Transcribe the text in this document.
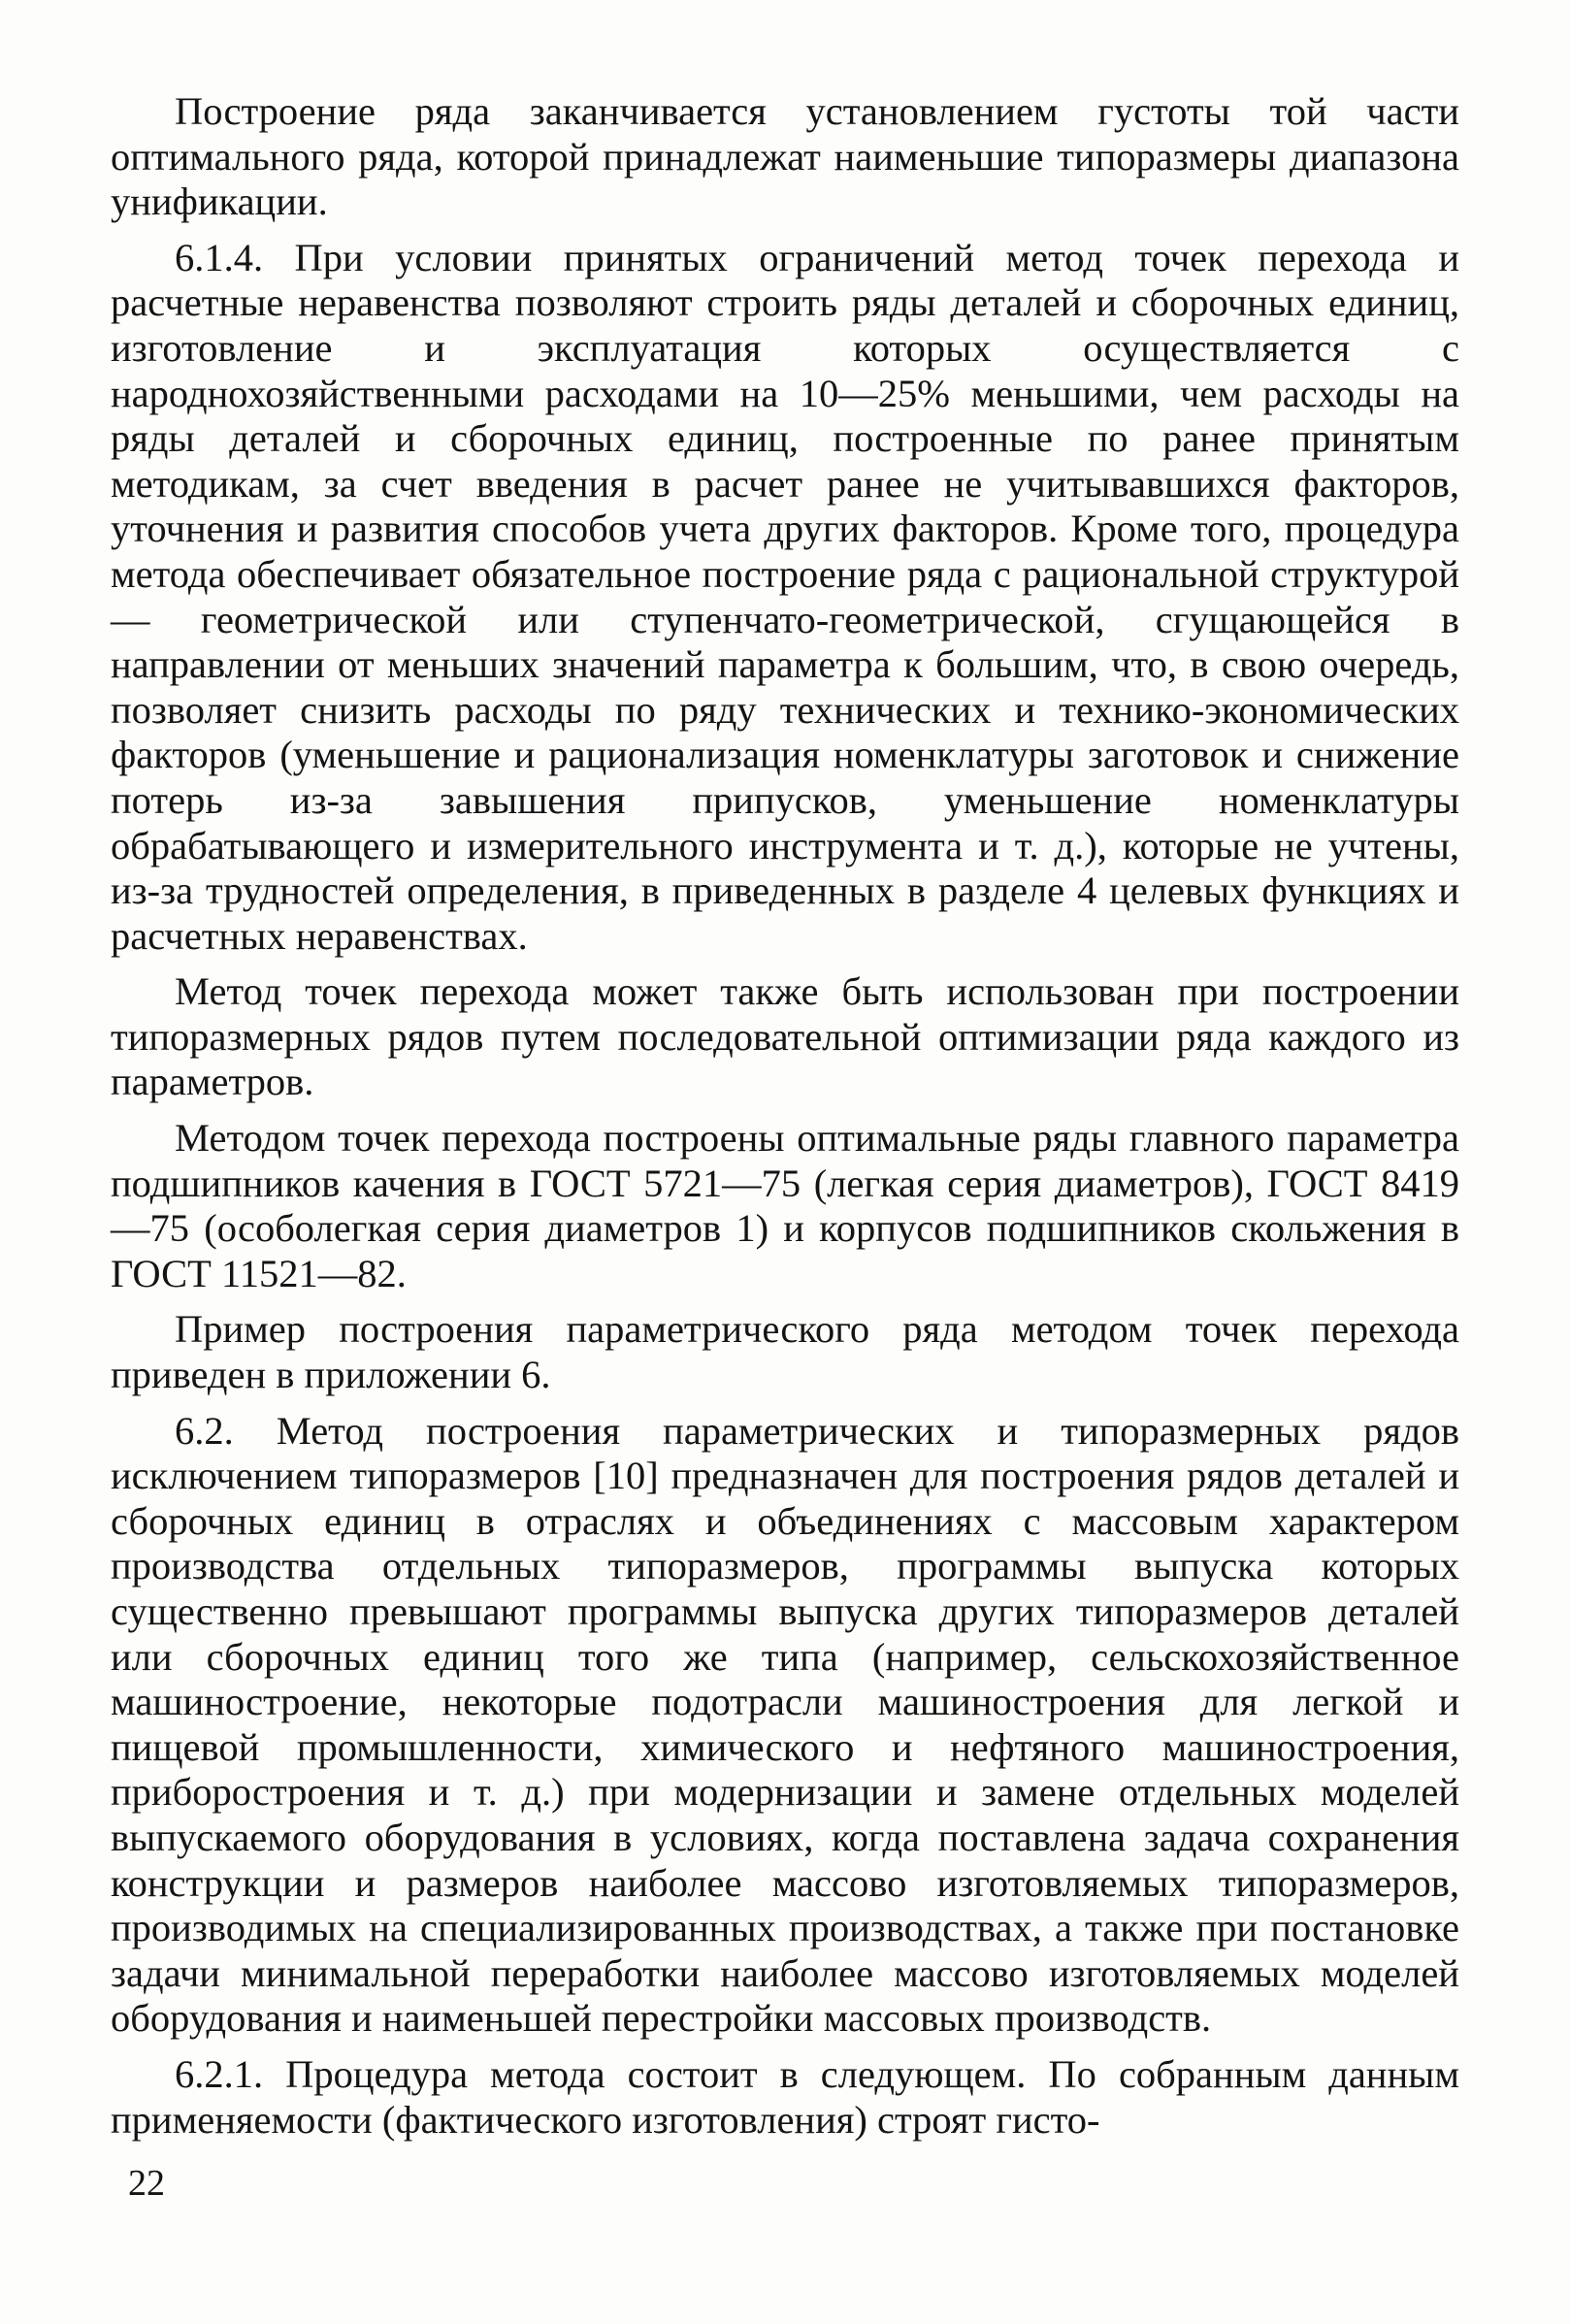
Построение ряда заканчивается установлением густоты той части оптимального ряда, которой принадлежат наименьшие типоразмеры диапазона унификации.

6.1.4. При условии принятых ограничений метод точек перехода и расчетные неравенства позволяют строить ряды деталей и сборочных единиц, изготовление и эксплуатация которых осуществляется с народнохозяйственными расходами на 10—25% меньшими, чем расходы на ряды деталей и сборочных единиц, построенные по ранее принятым методикам, за счет введения в расчет ранее не учитывавшихся факторов, уточнения и развития способов учета других факторов. Кроме того, процедура метода обеспечивает обязательное построение ряда с рациональной структурой — геометрической или ступенчато-геометрической, сгущающейся в направлении от меньших значений параметра к большим, что, в свою очередь, позволяет снизить расходы по ряду технических и технико-экономических факторов (уменьшение и рационализация номенклатуры заготовок и снижение потерь из-за завышения припусков, уменьшение номенклатуры обрабатывающего и измерительного инструмента и т. д.), которые не учтены, из-за трудностей определения, в приведенных в разделе 4 целевых функциях и расчетных неравенствах.

Метод точек перехода может также быть использован при построении типоразмерных рядов путем последовательной оптимизации ряда каждого из параметров.

Методом точек перехода построены оптимальные ряды главного параметра подшипников качения в ГОСТ 5721—75 (легкая серия диаметров), ГОСТ 8419—75 (особолегкая серия диаметров 1) и корпусов подшипников скольжения в ГОСТ 11521—82.

Пример построения параметрического ряда методом точек перехода приведен в приложении 6.

6.2. Метод построения параметрических и типоразмерных рядов исключением типоразмеров [10] предназначен для построения рядов деталей и сборочных единиц в отраслях и объединениях с массовым характером производства отдельных типоразмеров, программы выпуска которых существенно превышают программы выпуска других типоразмеров деталей или сборочных единиц того же типа (например, сельскохозяйственное машиностроение, некоторые подотрасли машиностроения для легкой и пищевой промышленности, химического и нефтяного машиностроения, приборостроения и т. д.) при модернизации и замене отдельных моделей выпускаемого оборудования в условиях, когда поставлена задача сохранения конструкции и размеров наиболее массово изготовляемых типоразмеров, производимых на специализированных производствах, а также при постановке задачи минимальной переработки наиболее массово изготовляемых моделей оборудования и наименьшей перестройки массовых производств.

6.2.1. Процедура метода состоит в следующем. По собранным данным применяемости (фактического изготовления) строят гисто-

22
